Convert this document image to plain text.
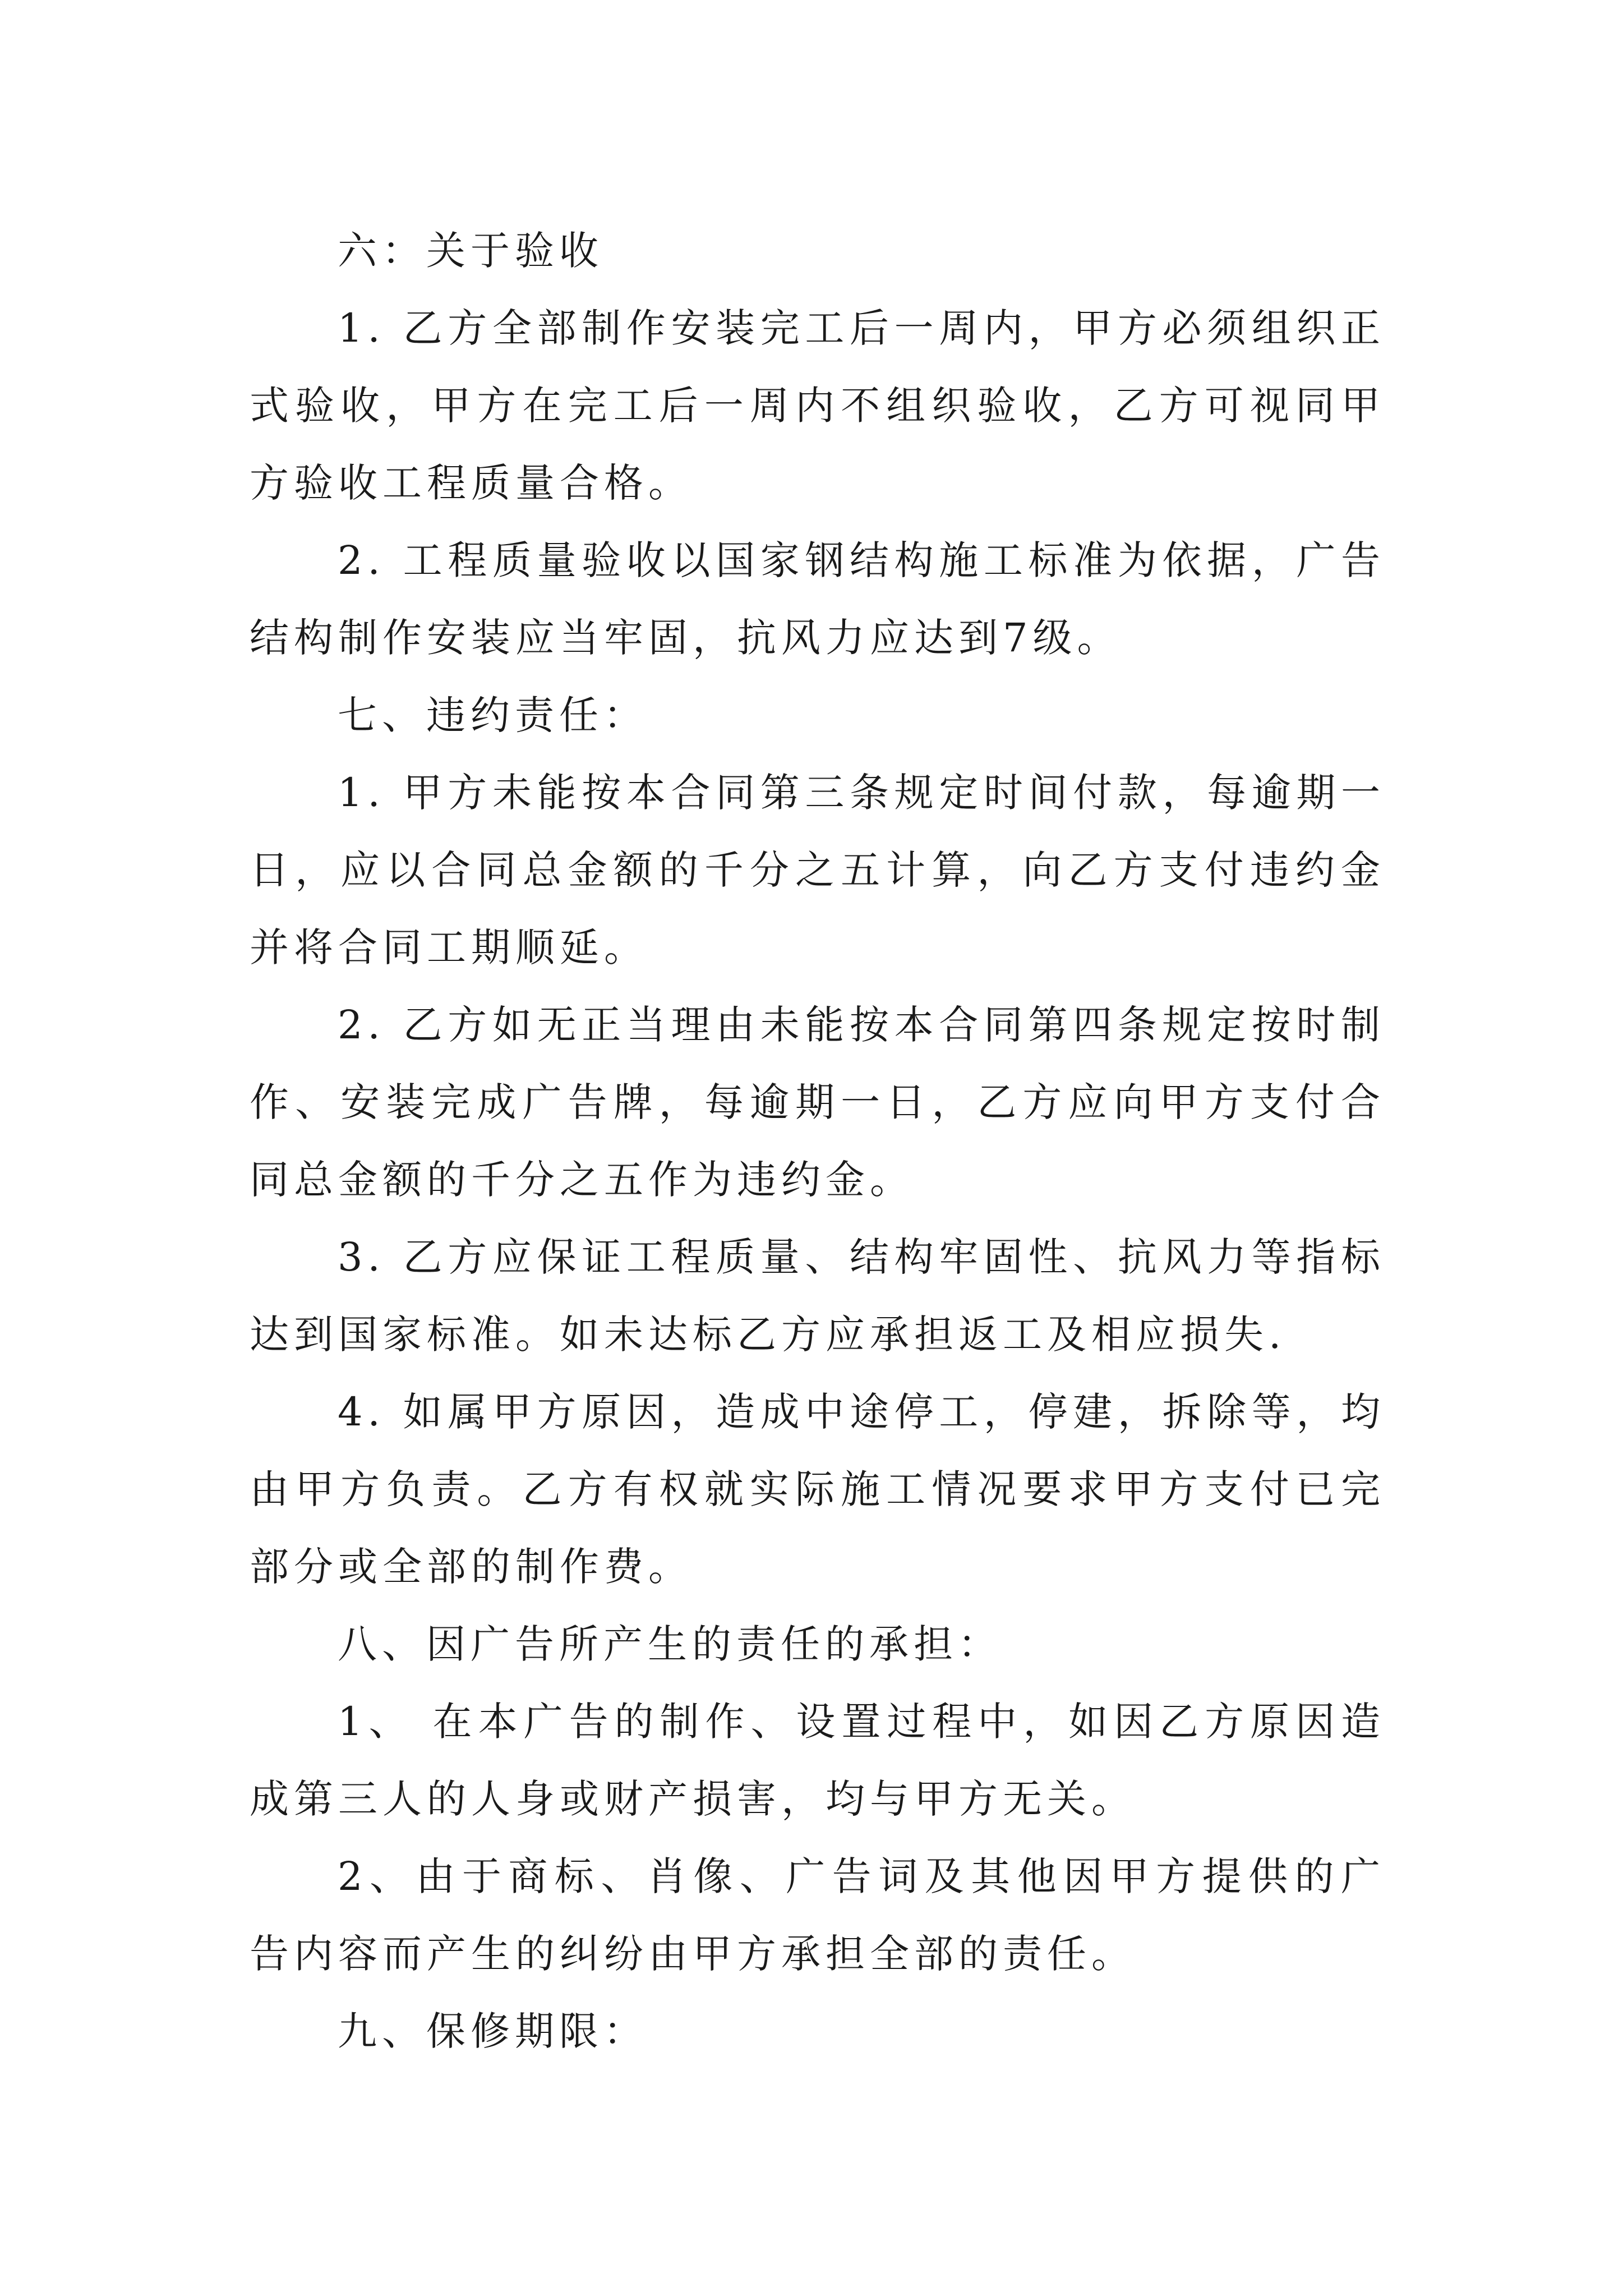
六：关于验收

1. 乙方全部制作安装完工后一周内，甲方必须组织正式验收，甲方在完工后一周内不组织验收，乙方可视同甲方验收工程质量合格。

2. 工程质量验收以国家钢结构施工标准为依据，广告结构制作安装应当牢固，抗风力应达到7级。

七、违约责任：

1. 甲方未能按本合同第三条规定时间付款，每逾期一日，应以合同总金额的千分之五计算，向乙方支付违约金并将合同工期顺延。

2. 乙方如无正当理由未能按本合同第四条规定按时制作、安装完成广告牌，每逾期一日，乙方应向甲方支付合同总金额的千分之五作为违约金。

3. 乙方应保证工程质量、结构牢固性、抗风力等指标达到国家标准。如未达标乙方应承担返工及相应损失.

4. 如属甲方原因，造成中途停工，停建，拆除等，均由甲方负责。乙方有权就实际施工情况要求甲方支付已完部分或全部的制作费。

八、因广告所产生的责任的承担：

1、 在本广告的制作、设置过程中，如因乙方原因造成第三人的人身或财产损害，均与甲方无关。

2、由于商标、肖像、广告词及其他因甲方提供的广告内容而产生的纠纷由甲方承担全部的责任。

九、保修期限：
